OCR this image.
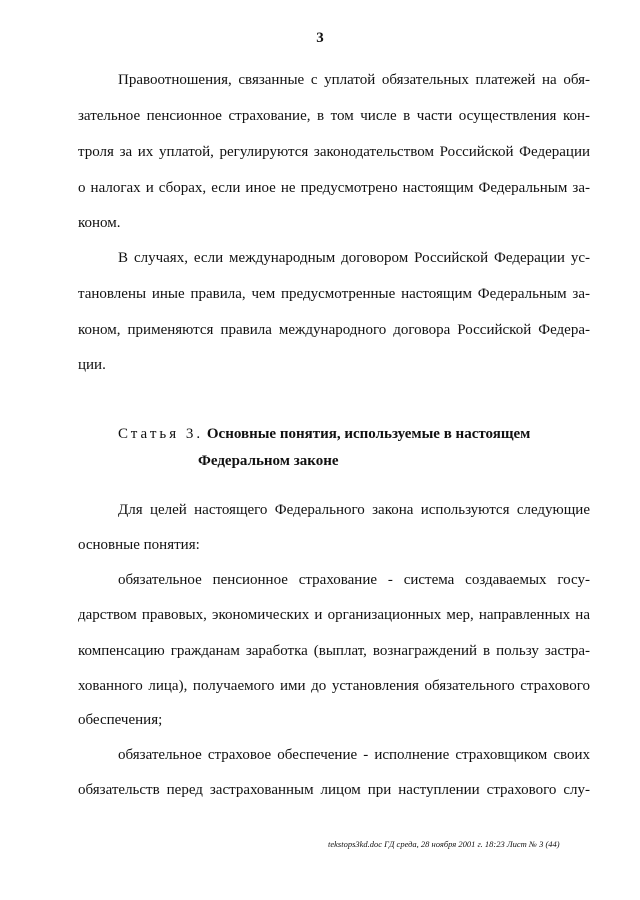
3
Правоотношения, связанные с уплатой обязательных платежей на обя-
зательное пенсионное страхование, в том числе в части осуществления кон-
троля за их уплатой, регулируются законодательством Российской Федерации
о налогах и сборах, если иное не предусмотрено настоящим Федеральным за-
коном.
В случаях, если международным договором Российской Федерации ус-
тановлены иные правила, чем предусмотренные настоящим Федеральным за-
коном, применяются правила международного договора Российской Федера-
ции.
Статья 3. Основные понятия, используемые в настоящем
Федеральном законе
Для целей настоящего Федерального закона используются следующие
основные понятия:
обязательное пенсионное страхование - система создаваемых госу-
дарством правовых, экономических и организационных мер, направленных на
компенсацию гражданам заработка (выплат, вознаграждений в пользу застра-
хованного лица), получаемого ими до установления обязательного страхового
обеспечения;
обязательное страховое обеспечение - исполнение страховщиком своих
обязательств перед застрахованным лицом при наступлении страхового слу-
tekstops3kd.doc ГД среда, 28 ноября 2001 г. 18:23 Лист № 3 (44)
